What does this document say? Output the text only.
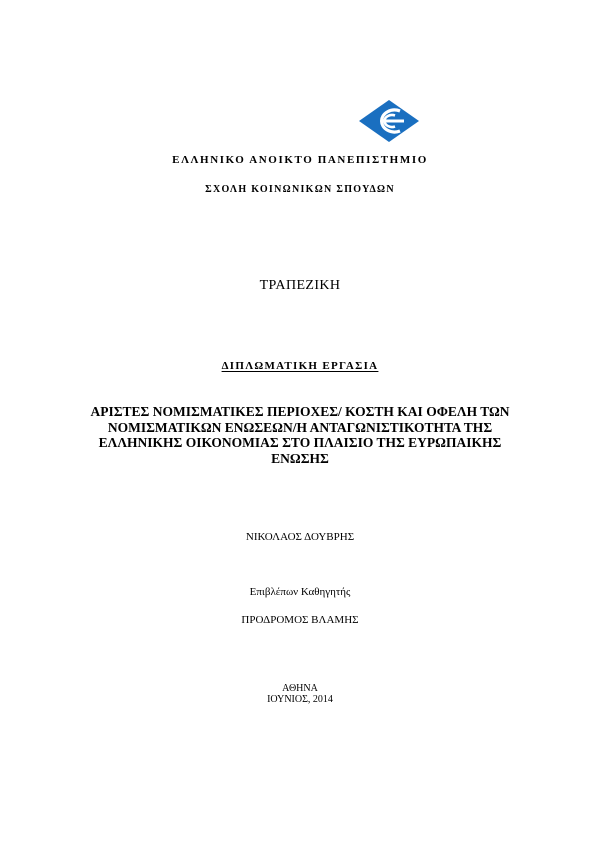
ΕΛΛΗΝΙΚΟ ΑΝΟΙΚΤΟ ΠΑΝΕΠΙΣΤΗΜΙΟ
ΣΧΟΛΗ ΚΟΙΝΩΝΙΚΩΝ ΣΠΟΥΔΩΝ
ΤΡΑΠΕΖΙΚΗ
ΔΙΠΛΩΜΑΤΙΚΗ ΕΡΓΑΣΙΑ
ΑΡΙΣΤΕΣ ΝΟΜΙΣΜΑΤΙΚΕΣ ΠΕΡΙΟΧΕΣ/ ΚΟΣΤΗ ΚΑΙ ΟΦΕΛΗ ΤΩΝ
ΝΟΜΙΣΜΑΤΙΚΩΝ ΕΝΩΣΕΩΝ/Η ΑΝΤΑΓΩΝΙΣΤΙΚΟΤΗΤΑ ΤΗΣ
ΕΛΛΗΝΙΚΗΣ ΟΙΚΟΝΟΜΙΑΣ ΣΤΟ ΠΛΑΙΣΙΟ ΤΗΣ ΕΥΡΩΠΑΙΚΗΣ
ΕΝΩΣΗΣ
ΝΙΚΟΛΑΟΣ ΔΟΥΒΡΗΣ
Επιβλέπων Καθηγητής
ΠΡΟΔΡΟΜΟΣ ΒΛΑΜΗΣ
ΑΘΗΝΑ
ΙΟΥΝΙΟΣ, 2014
